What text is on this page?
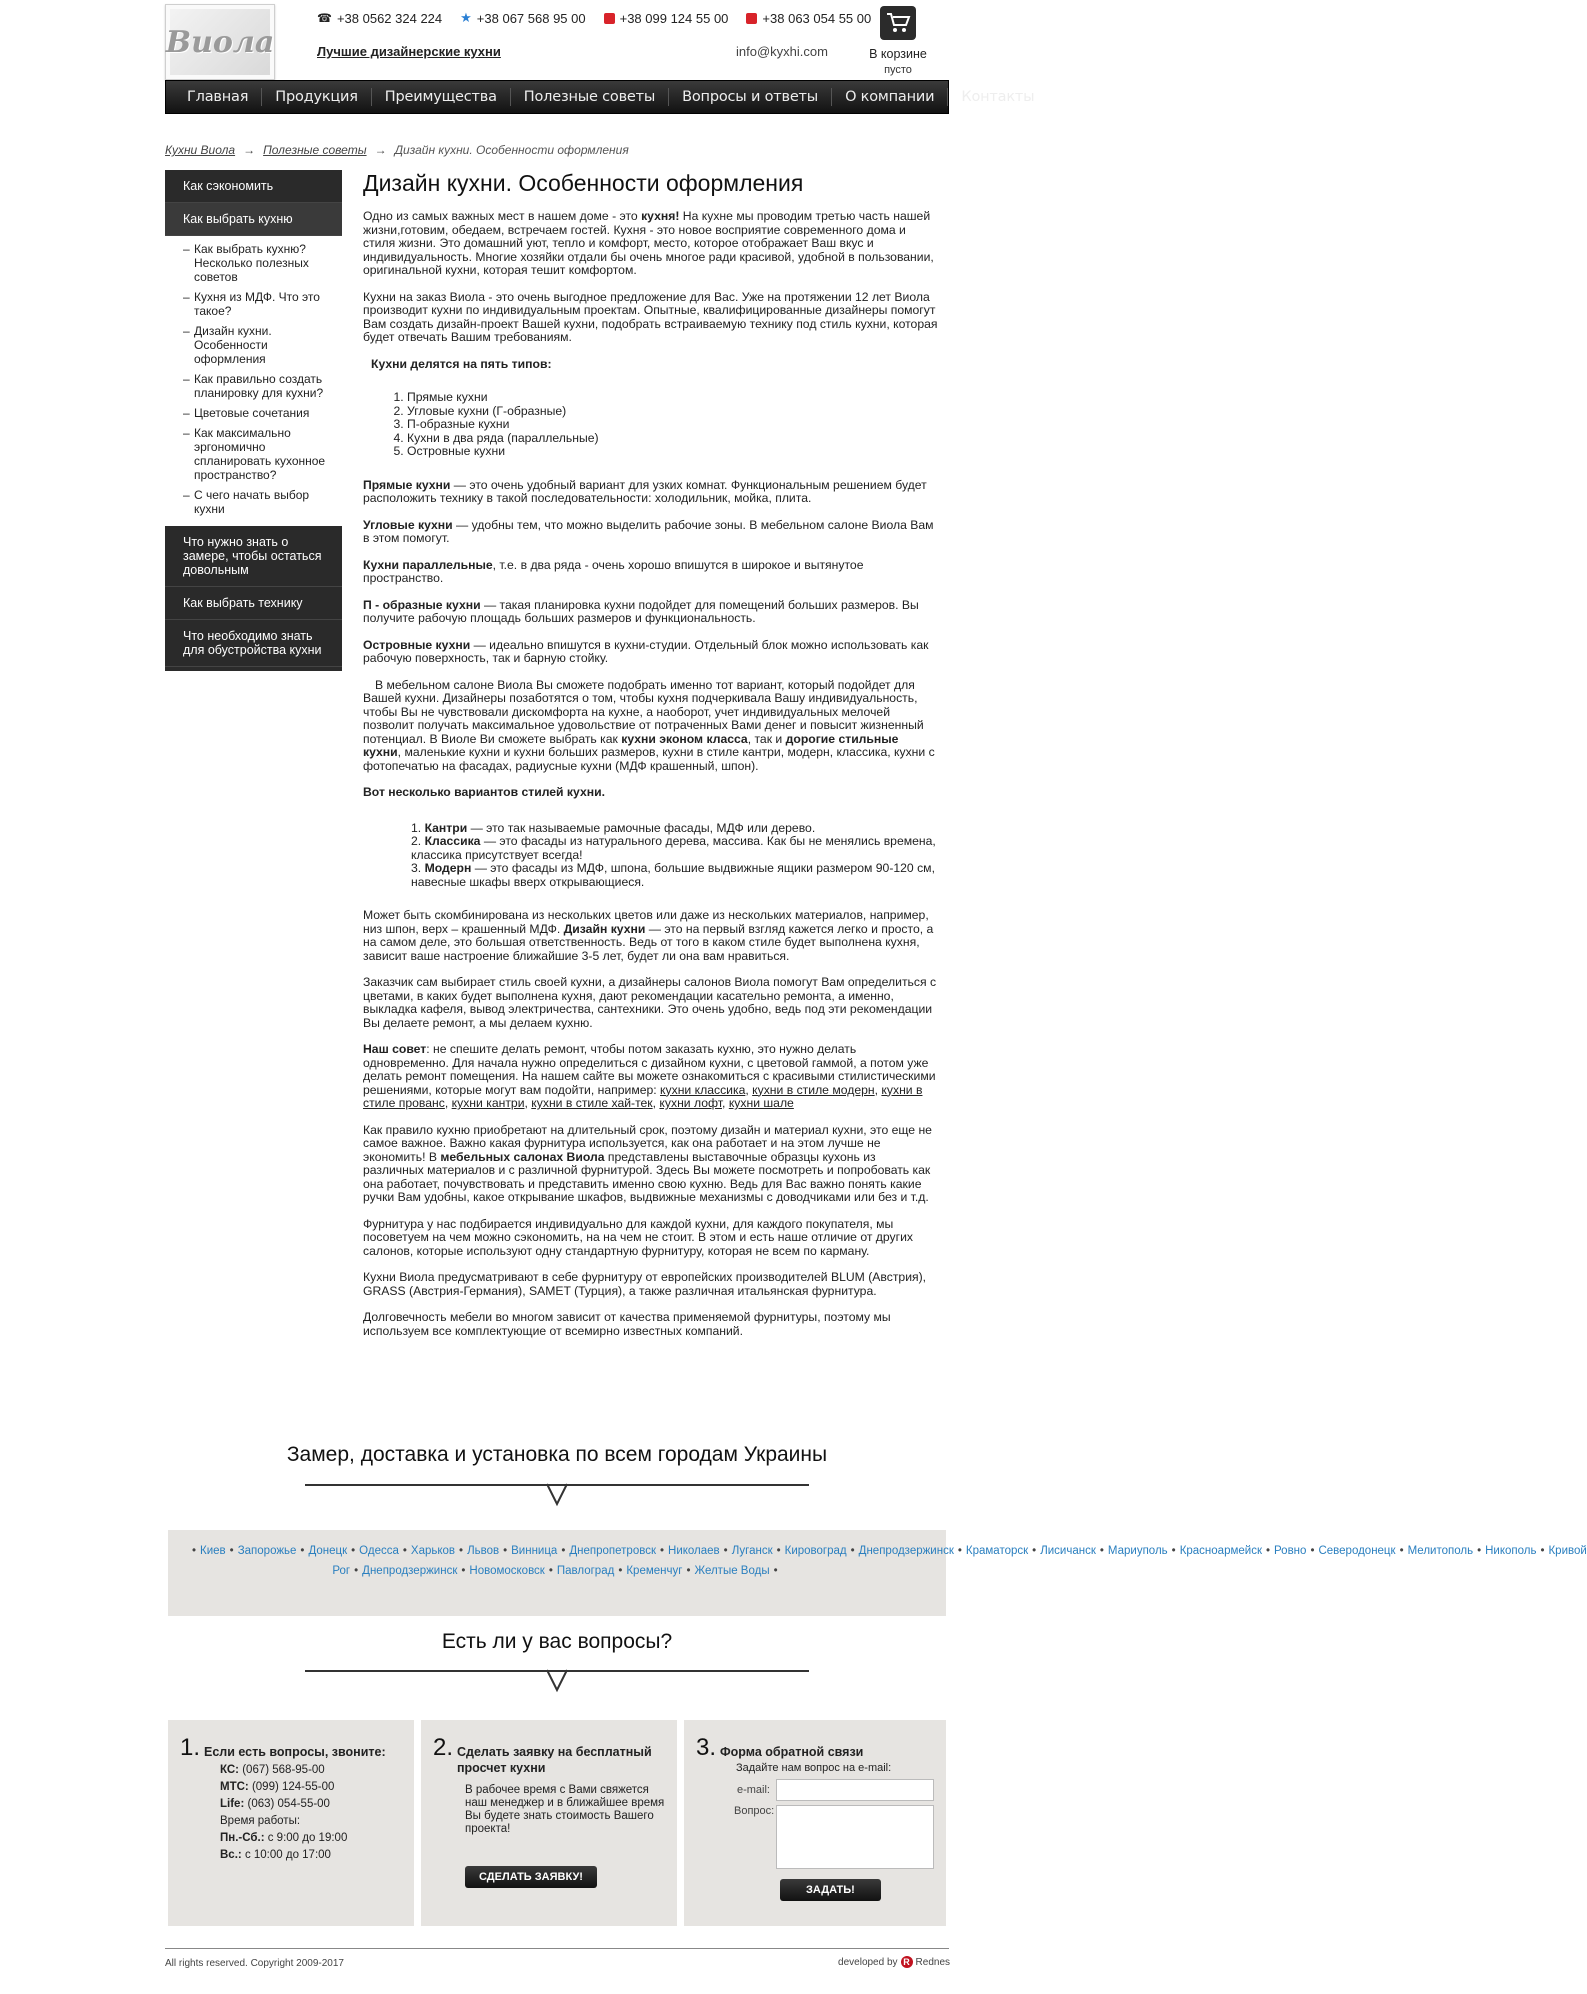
Виола
☎ +38 0562 324 224 ★ +38 067 568 95 00	+38 099 124 55 00	+38 063 054 55 00
Лучшие дизайнерские кухни	info@kyxhi.com	В корзине
пусто
Главная	Продукция	Преимущества	Полезные советы	Вопросы и ответы	О компании	Контакты
Кухни Виола → Полезные советы → Дизайн кухни. Особенности оформления
Как сэкономить
Как выбрать кухню
– Как выбрать кухню? Несколько полезных советов
– Кухня из МДФ. Что это такое?
– Дизайн кухни. Особенности оформления
– Как правильно создать планировку для кухни?
– Цветовые сочетания
– Как максимально эргономично спланировать кухонное пространство?
– С чего начать выбор кухни
Что нужно знать о замере, чтобы остаться довольным
Как выбрать технику
Что необходимо знать для обустройства кухни
Дизайн кухни. Особенности оформления

Одно из самых важных мест в нашем доме - это кухня! На кухне мы проводим третью часть нашей жизни,готовим, обедаем, встречаем гостей. Кухня - это новое восприятие современного дома и стиля жизни. Это домашний уют, тепло и комфорт, место, которое отображает Ваш вкус и индивидуальность. Многие хозяйки отдали бы очень многое ради красивой, удобной в пользовании, оригинальной кухни, которая тешит комфортом.

Кухни на заказ Виола - это очень выгодное предложение для Вас. Уже на протяжении 12 лет Виола производит кухни по индивидуальным проектам. Опытные, квалифицированные дизайнеры помогут Вам создать дизайн-проект Вашей кухни, подобрать встраиваемую технику под стиль кухни, которая будет отвечать Вашим требованиям.

Кухни делятся на пять типов:

1. Прямые кухни
2. Угловые кухни (Г-образные)
3. П-образные кухни
4. Кухни в два ряда (параллельные)
5. Островные кухни

Прямые кухни — это очень удобный вариант для узких комнат. Функциональным решением будет расположить технику в такой последовательности: холодильник, мойка, плита.

Угловые кухни — удобны тем, что можно выделить рабочие зоны. В мебельном салоне Виола Вам в этом помогут.

Кухни параллельные, т.е. в два ряда - очень хорошо впишутся в широкое и вытянутое пространство.

П - образные кухни — такая планировка кухни подойдет для помещений больших размеров. Вы получите рабочую площадь больших размеров и функциональность.

Островные кухни — идеально впишутся в кухни-студии. Отдельный блок можно использовать как рабочую поверхность, так и барную стойку.

В мебельном салоне Виола Вы сможете подобрать именно тот вариант, который подойдет для Вашей кухни. Дизайнеры позаботятся о том, чтобы кухня подчеркивала Вашу индивидуальность, чтобы Вы не чувствовали дискомфорта на кухне, а наоборот, учет индивидуальных мелочей позволит получать максимальное удовольствие от потраченных Вами денег и повысит жизненный потенциал. В Виоле Ви сможете выбрать как кухни эконом класса, так и дорогие стильные кухни, маленькие кухни и кухни больших размеров, кухни в стиле кантри, модерн, классика, кухни с фотопечатью на фасадах, радиусные кухни (МДФ крашенный, шпон).

Вот несколько вариантов стилей кухни.

1. Кантри — это так называемые рамочные фасады, МДФ или дерево.
2. Классика — это фасады из натурального дерева, массива. Как бы не менялись времена, классика присутствует всегда!
3. Модерн — это фасады из МДФ, шпона, большие выдвижные ящики размером 90-120 см, навесные шкафы вверх открывающиеся.

Может быть скомбинирована из нескольких цветов или даже из нескольких материалов, например, низ шпон, верх – крашенный МДФ. Дизайн кухни — это на первый взгляд кажется легко и просто, а на самом деле, это большая ответственность. Ведь от того в каком стиле будет выполнена кухня, зависит ваше настроение ближайшие 3-5 лет, будет ли она вам нравиться.

Заказчик сам выбирает стиль своей кухни, а дизайнеры салонов Виола помогут Вам определиться с цветами, в каких будет выполнена кухня, дают рекомендации касательно ремонта, а именно, выкладка кафеля, вывод электричества, сантехники. Это очень удобно, ведь под эти рекомендации Вы делаете ремонт, а мы делаем кухню.

Наш совет: не спешите делать ремонт, чтобы потом заказать кухню, это нужно делать одновременно. Для начала нужно определиться с дизайном кухни, с цветовой гаммой, а потом уже делать ремонт помещения. На нашем сайте вы можете ознакомиться с красивыми стилистическими решениями, которые могут вам подойти, например: кухни классика, кухни в стиле модерн, кухни в стиле прованс, кухни кантри, кухни в стиле хай-тек, кухни лофт, кухни шале

Как правило кухню приобретают на длительный срок, поэтому дизайн и материал кухни, это еще не самое важное. Важно какая фурнитура используется, как она работает и на этом лучше не экономить! В мебельных салонах Виола представлены выставочные образцы кухонь из различных материалов и с различной фурнитурой. Здесь Вы можете посмотреть и попробовать как она работает, почувствовать и представить именно свою кухню. Ведь для Вас важно понять какие ручки Вам удобны, какое открывание шкафов, выдвижные механизмы с доводчиками или без и т.д.

Фурнитура у нас подбирается индивидуально для каждой кухни, для каждого покупателя, мы посоветуем на чем можно сэкономить, на на чем не стоит. В этом и есть наше отличие от других салонов, которые используют одну стандартную фурнитуру, которая не всем по карману.

Кухни Виола предусматривают в себе фурнитуру от европейских производителей BLUM (Австрия), GRASS (Австрия-Германия), SAMET (Турция), а также различная итальянская фурнитура.

Долговечность мебели во многом зависит от качества применяемой фурнитуры, поэтому мы используем все комплектующие от всемирно известных компаний.

Замер, доставка и установка по всем городам Украины
• Киев • Запорожье • Донецк • Одесса • Харьков • Львов • Винница • Днепропетровск • Николаев • Луганск • Кировоград • Днепродзержинск • Краматорск • Лисичанск • Мариуполь • Красноармейск • Ровно • Северодонецк • Мелитополь • Никополь • Кривой Рог • Днепродзержинск • Новомосковск • Павлоград • Кременчуг • Желтые Воды •
Есть ли у вас вопросы?
1. Если есть вопросы, звоните:
КС: (067) 568-95-00
МТС: (099) 124-55-00
Life: (063) 054-55-00
Время работы:
Пн.-Сб.: с 9:00 до 19:00
Вс.: с 10:00 до 17:00
2. Сделать заявку на бесплатный просчет кухни
В рабочее время с Вами свяжется наш менеджер и в ближайшее время Вы будете знать стоимость Вашего проекта!
СДЕЛАТЬ ЗАЯВКУ!
3. Форма обратной связи
Задайте нам вопрос на e-mail:
e-mail:
Вопрос:
ЗАДАТЬ!
All rights reserved. Copyright 2009-2017	developed by R Rednes
